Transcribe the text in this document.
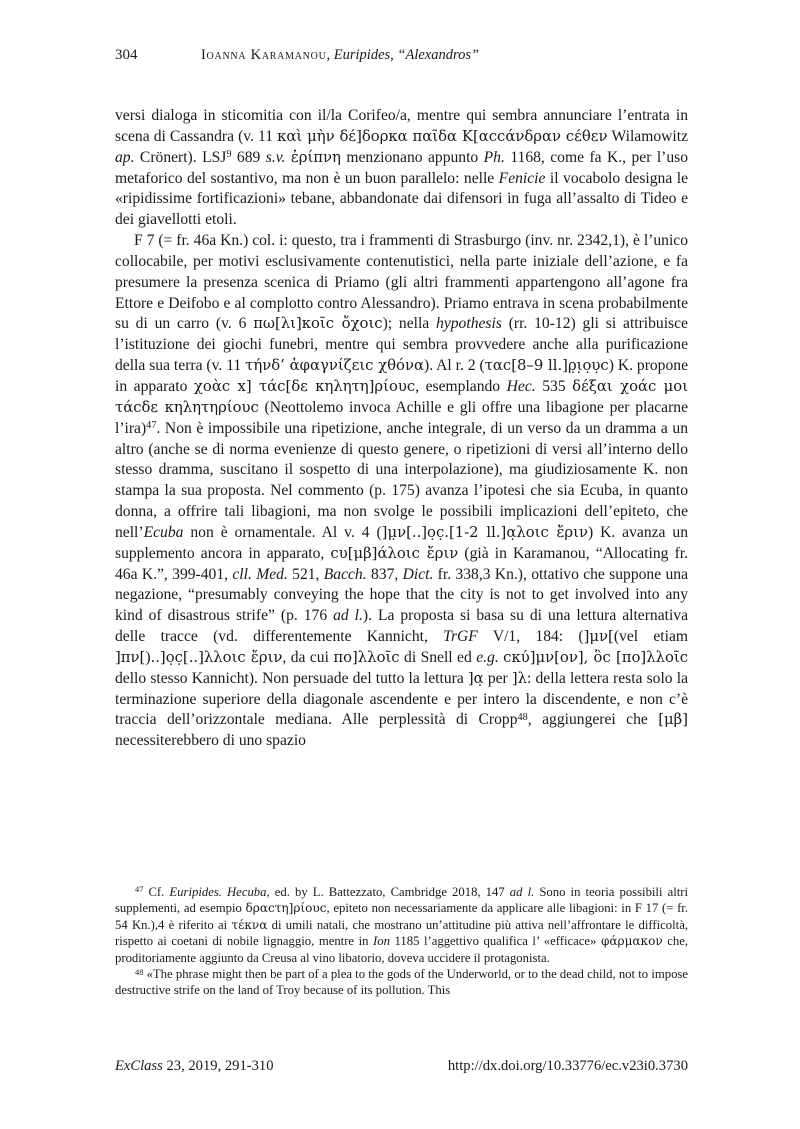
304	Ioanna Karamanou, Euripides, “Alexandros”

versi dialoga in sticomitia con il/la Corifeo/a, mentre qui sembra annunciare l’entrata in scena di Cassandra (v. 11 καὶ μὴν δέ]δορκα παῖδα Κ[αϲϲάνδραν ϲέθεν Wilamowitz ap. Crönert). LSJ$^9$ 689 s.v. ἐρίπνη menzionano appunto Ph. 1168, come fa K., per l’uso metaforico del sostantivo, ma non è un buon parallelo: nelle Fenicie il vocabolo designa le «ripidissime fortificazioni» tebane, abbandonate dai difensori in fuga all’assalto di Tideo e dei giavellotti etoli.

F 7 (= fr. 46a Kn.) col. i: questo, tra i frammenti di Strasburgo (inv. nr. 2342,1), è l’unico collocabile, per motivi esclusivamente contenutistici, nella parte iniziale dell’azione, e fa presumere la presenza scenica di Priamo (gli altri frammenti appartengono all’agone fra Ettore e Deifobo e al complotto contro Alessandro). Priamo entrava in scena probabilmente su di un carro (v. 6 πω[λι]κοῖϲ ὄχοιϲ); nella hypothesis (rr. 10-12) gli si attribuisce l’istituzione dei giochi funebri, mentre qui sembra provvedere anche alla purificazione della sua terra (v. 11 τήνδ’ ἀφαγνίζειϲ χθόνα). Al r. 2 (ταϲ[8–9 ll.]ρ̣ι̣ο̣υ̣ϲ) K. propone in apparato χοὰϲ x] τάϲ[δε κηλητη]ρίουϲ, esemplando Hec. 535 δέξαι χοάϲ μοι τάϲδε κηλητηρίουϲ (Neottolemo invoca Achille e gli offre una libagione per placarne l’ira)$^{47}$. Non è impossibile una ripetizione, anche integrale, di un verso da un dramma a un altro (anche se di norma evenienze di questo genere, o ripetizioni di versi all’interno dello stesso dramma, suscitano il sospetto di una interpolazione), ma giudiziosamente K. non stampa la sua proposta. Nel commento (p. 175) avanza l’ipotesi che sia Ecuba, in quanto donna, a offrire tali libagioni, ma non svolge le possibili implicazioni dell’epiteto, che nell’Ecuba non è ornamentale. Al v. 4 (]μ̣ν[..]ο̣ϲ̣.[1-2 ll.]α̣λοιϲ ἔριν) K. avanza un supplemento ancora in apparato, ϲυ[μβ]άλοιϲ ἔριν (già in Karamanou, “Allocating fr. 46a K.”, 399-401, cll. Med. 521, Bacch. 837, Dict. fr. 338,3 Kn.), ottativo che suppone una negazione, “presumably conveying the hope that the city is not to get involved into any kind of disastrous strife” (p. 176 ad l.). La proposta si basa su di una lettura alternativa delle tracce (vd. differentemente Kannicht, TrGF V/1, 184: (]μν[(vel etiam ]πν[)..]ο̣ϲ̣[..]λλοιϲ ἔριν, da cui πο]λλοῖϲ di Snell ed e.g. ϲκύ]μν[ον], ὃϲ [πο]λλοῖϲ dello stesso Kannicht). Non persuade del tutto la lettura ]α̣ per ]λ: della lettera resta solo la terminazione superiore della diagonale ascendente e per intero la discendente, e non c’è traccia dell’orizzontale mediana. Alle perplessità di Cropp$^{48}$, aggiungerei che [μβ] necessiterebbero di uno spazio

$^{47}$ Cf. Euripides. Hecuba, ed. by L. Battezzato, Cambridge 2018, 147 ad l. Sono in teoria possibili altri supplementi, ad esempio δραϲτη]ρίουϲ, epiteto non necessariamente da applicare alle libagioni: in F 17 (= fr. 54 Kn.),4 è riferito ai τέκνα di umili natali, che mostrano un’attitudine più attiva nell’affrontare le difficoltà, rispetto ai coetani di nobile lignaggio, mentre in Ion 1185 l’aggettivo qualifica l’ «efficace» φάρμακον che, proditoriamente aggiunto da Creusa al vino libatorio, doveva uccidere il protagonista.

$^{48}$ «The phrase might then be part of a plea to the gods of the Underworld, or to the dead child, not to impose destructive strife on the land of Troy because of its pollution. This

ExClass 23, 2019, 291-310	http://dx.doi.org/10.33776/ec.v23i0.3730
